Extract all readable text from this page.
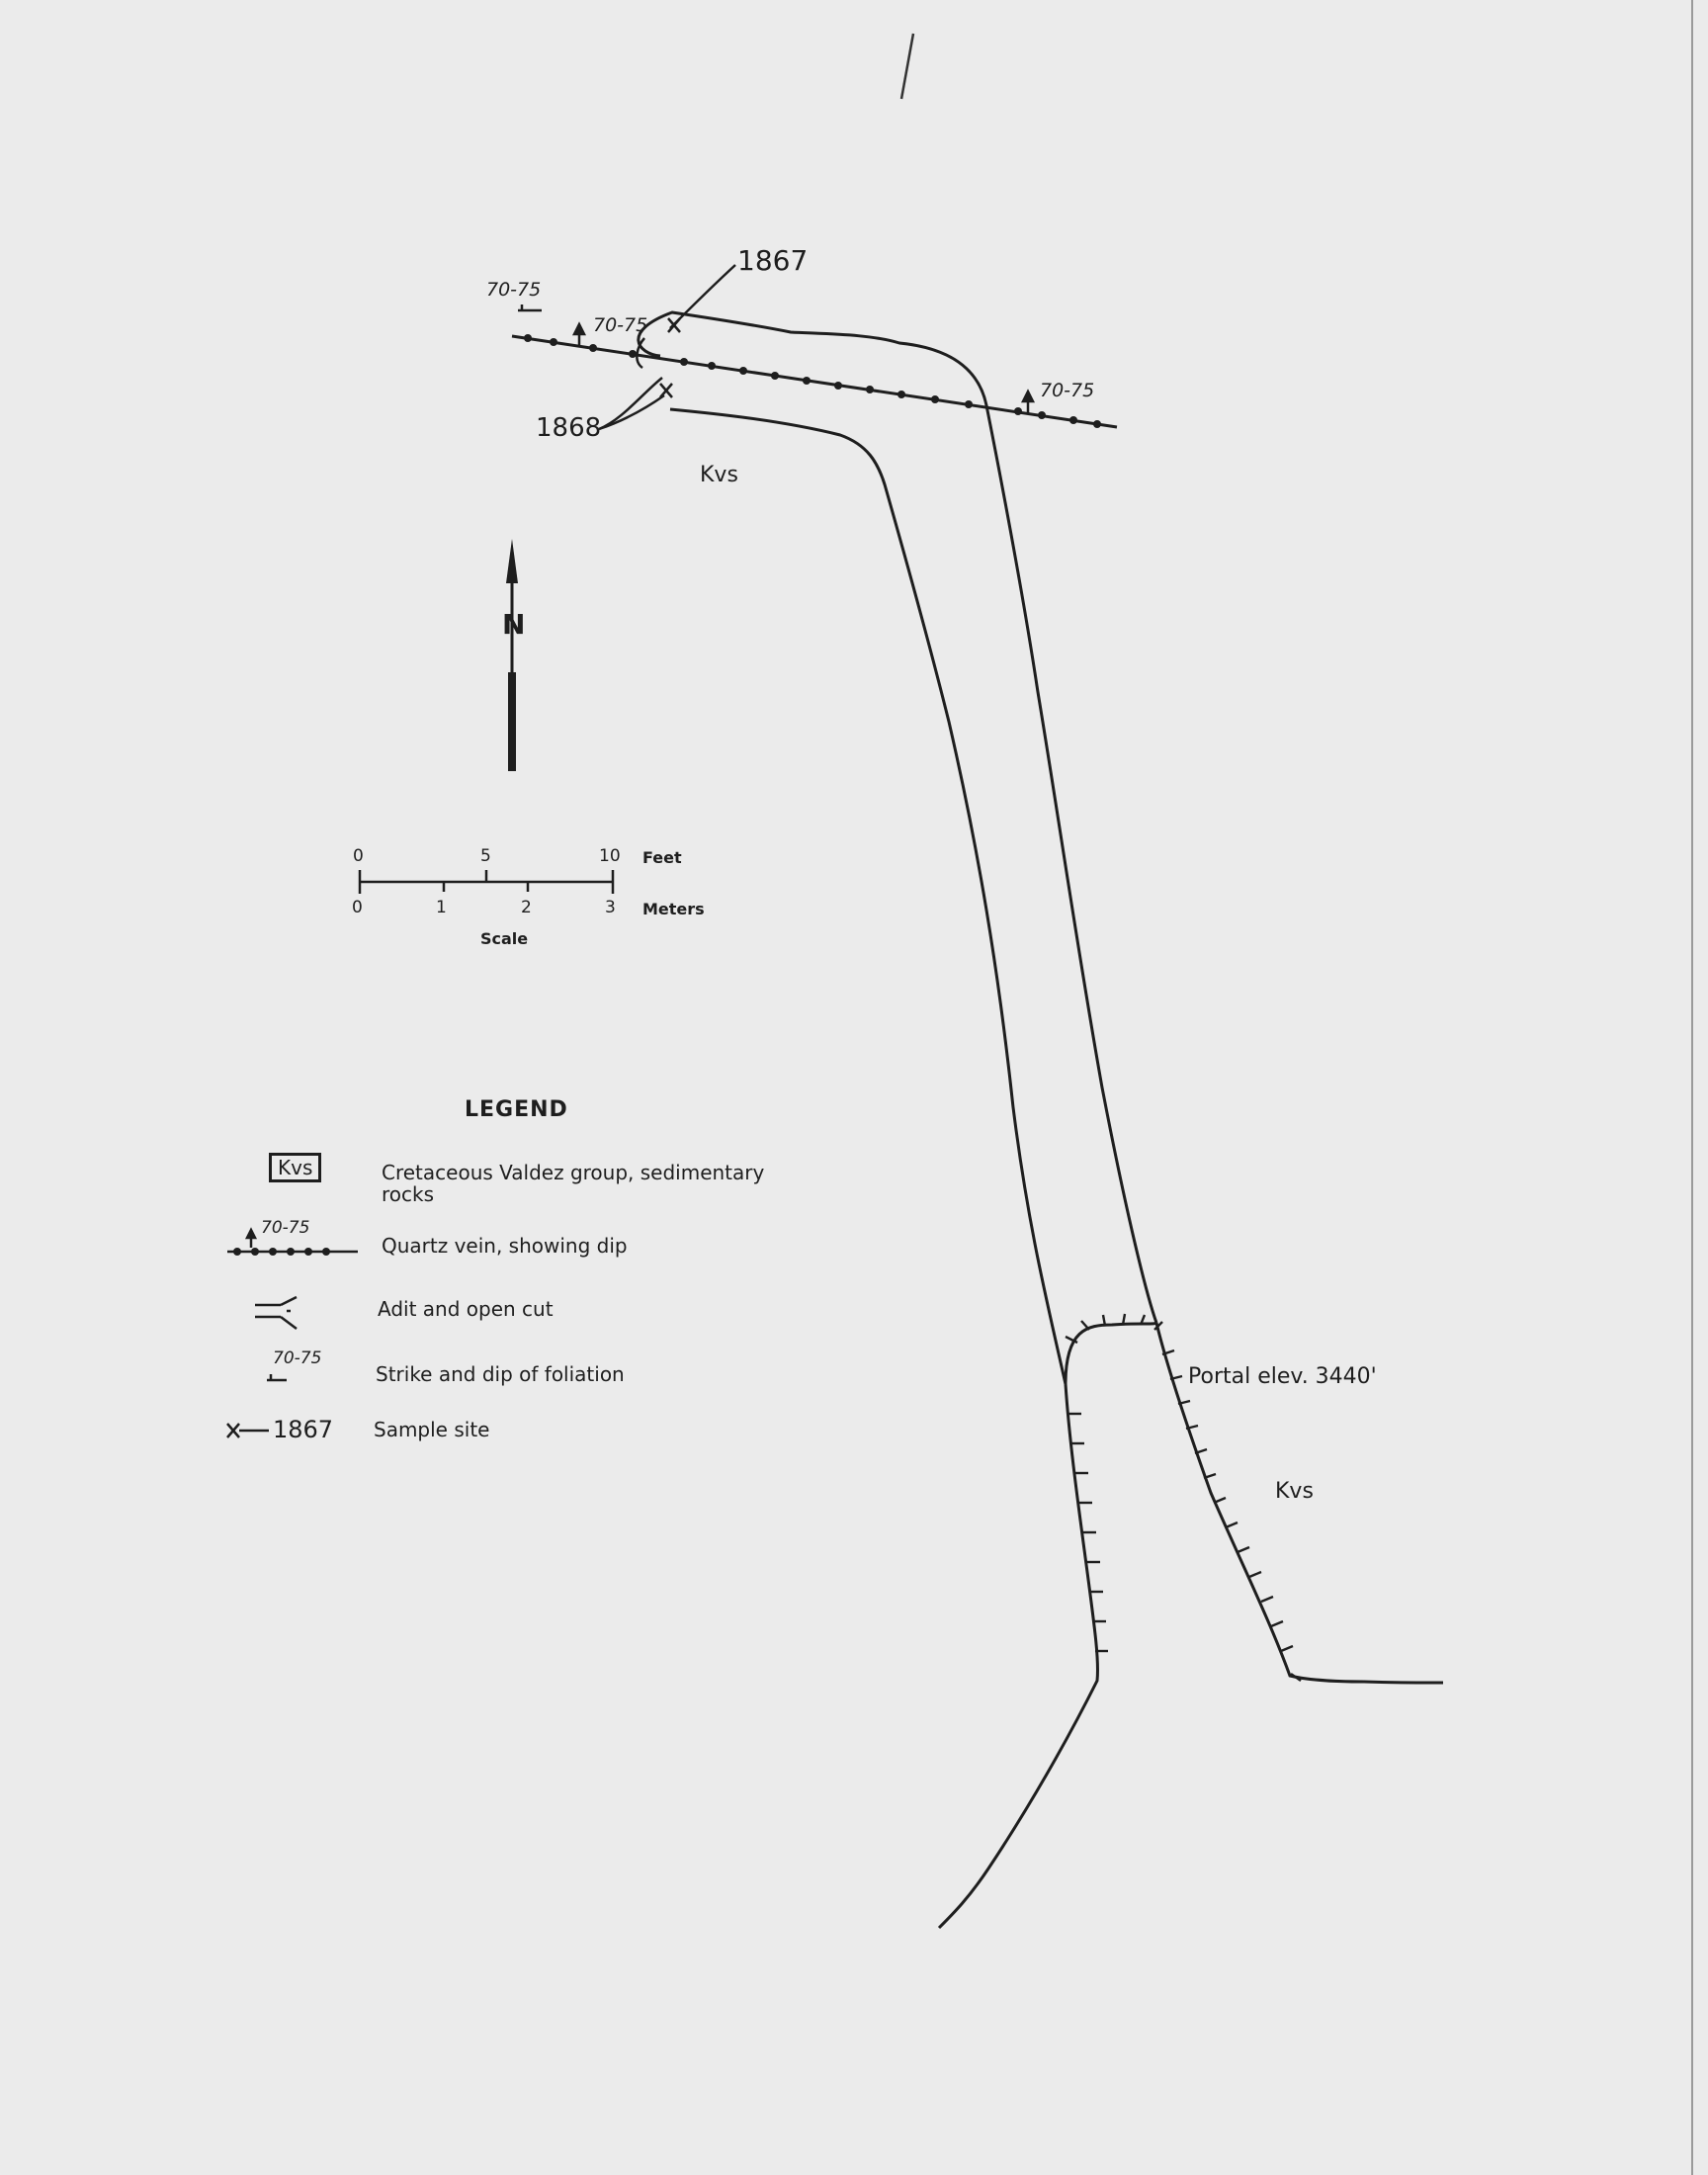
1867
1868
70-75
70-75
70-75
Kvs
Kvs
Portal elev. 3440'
N
0	5	10 Feet
0	1	2	3 Meters
Scale
LEGEND
Kvs	Cretaceous Valdez group, sedimentary
rocks
70-75
Quartz vein, showing dip
Adit and open cut
70-75
Strike and dip of foliation
1867 Sample site
